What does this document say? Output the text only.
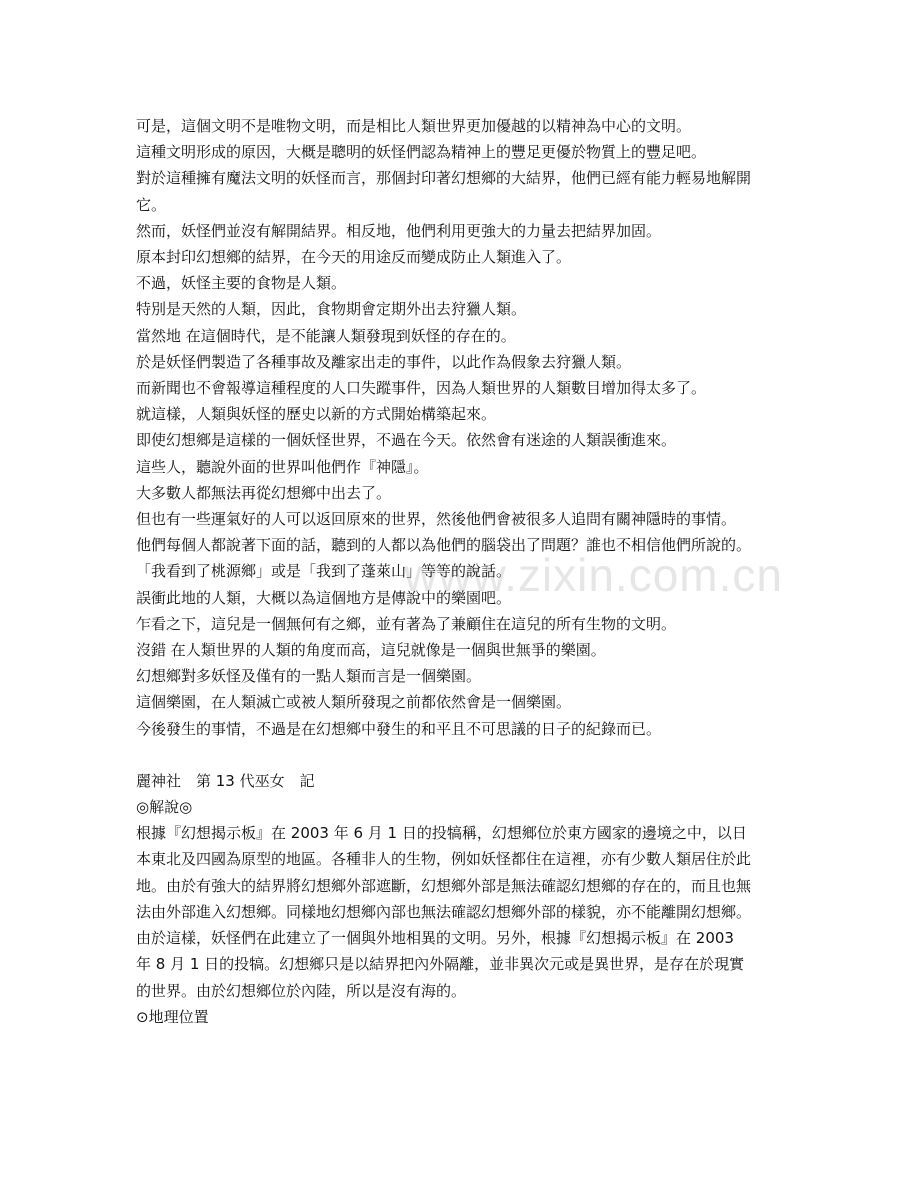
www.zixin.com.cn

可是，這個文明不是唯物文明，而是相比人類世界更加優越的以精神為中心的文明。

這種文明形成的原因，大概是聰明的妖怪們認為精神上的豐足更優於物質上的豐足吧。

對於這種擁有魔法文明的妖怪而言，那個封印著幻想鄉的大結界，他們已經有能力輕易地解開

它。

然而，妖怪們並沒有解開結界。相反地，他們利用更強大的力量去把結界加固。

原本封印幻想鄉的結界，在今天的用途反而變成防止人類進入了。

不過，妖怪主要的食物是人類。

特別是天然的人類，因此，食物期會定期外出去狩獵人類。

當然地 在這個時代，是不能讓人類發現到妖怪的存在的。

於是妖怪們製造了各種事故及離家出走的事件，以此作為假象去狩獵人類。

而新聞也不會報導這種程度的人口失蹤事件，因為人類世界的人類數目增加得太多了。

就這樣，人類與妖怪的歷史以新的方式開始構築起來。

即使幻想鄉是這樣的一個妖怪世界，不過在今天。依然會有迷途的人類誤衝進來。

這些人，聽說外面的世界叫他們作『神隱』。

大多數人都無法再從幻想鄉中出去了。

但也有一些運氣好的人可以返回原來的世界，然後他們會被很多人追問有關神隱時的事情。

他們每個人都說著下面的話，聽到的人都以為他們的腦袋出了問題？誰也不相信他們所說的。

「我看到了桃源鄉」或是「我到了蓬萊山」等等的說話。

誤衝此地的人類，大概以為這個地方是傳說中的樂園吧。

乍看之下，這兒是一個無何有之鄉，並有著為了兼顧住在這兒的所有生物的文明。

沒錯 在人類世界的人類的角度而高，這兒就像是一個與世無爭的樂園。

幻想鄉對多妖怪及僅有的一點人類而言是一個樂園。

這個樂園，在人類滅亡或被人類所發現之前都依然會是一個樂園。

今後發生的事情，不過是在幻想鄉中發生的和平且不可思議的日子的紀錄而已。

麗神社　第 13 代巫女　記

◎解說◎

根據『幻想揭示板』在 2003 年 6 月 1 日的投犒稱，幻想鄉位於東方國家的邊境之中，以日

本東北及四國為原型的地區。各種非人的生物，例如妖怪都住在這裡，亦有少數人類居住於此

地。由於有強大的結界將幻想鄉外部遮斷，幻想鄉外部是無法確認幻想鄉的存在的，而且也無

法由外部進入幻想鄉。同樣地幻想鄉內部也無法確認幻想鄉外部的樣貌，亦不能離開幻想鄉。

由於這樣，妖怪們在此建立了一個與外地相異的文明。另外，根據『幻想揭示板』在 2003

年 8 月 1 日的投犒。幻想鄉只是以結界把內外隔離，並非異次元或是異世界，是存在於現實

的世界。由於幻想鄉位於內陸，所以是沒有海的。

⊙地理位置
